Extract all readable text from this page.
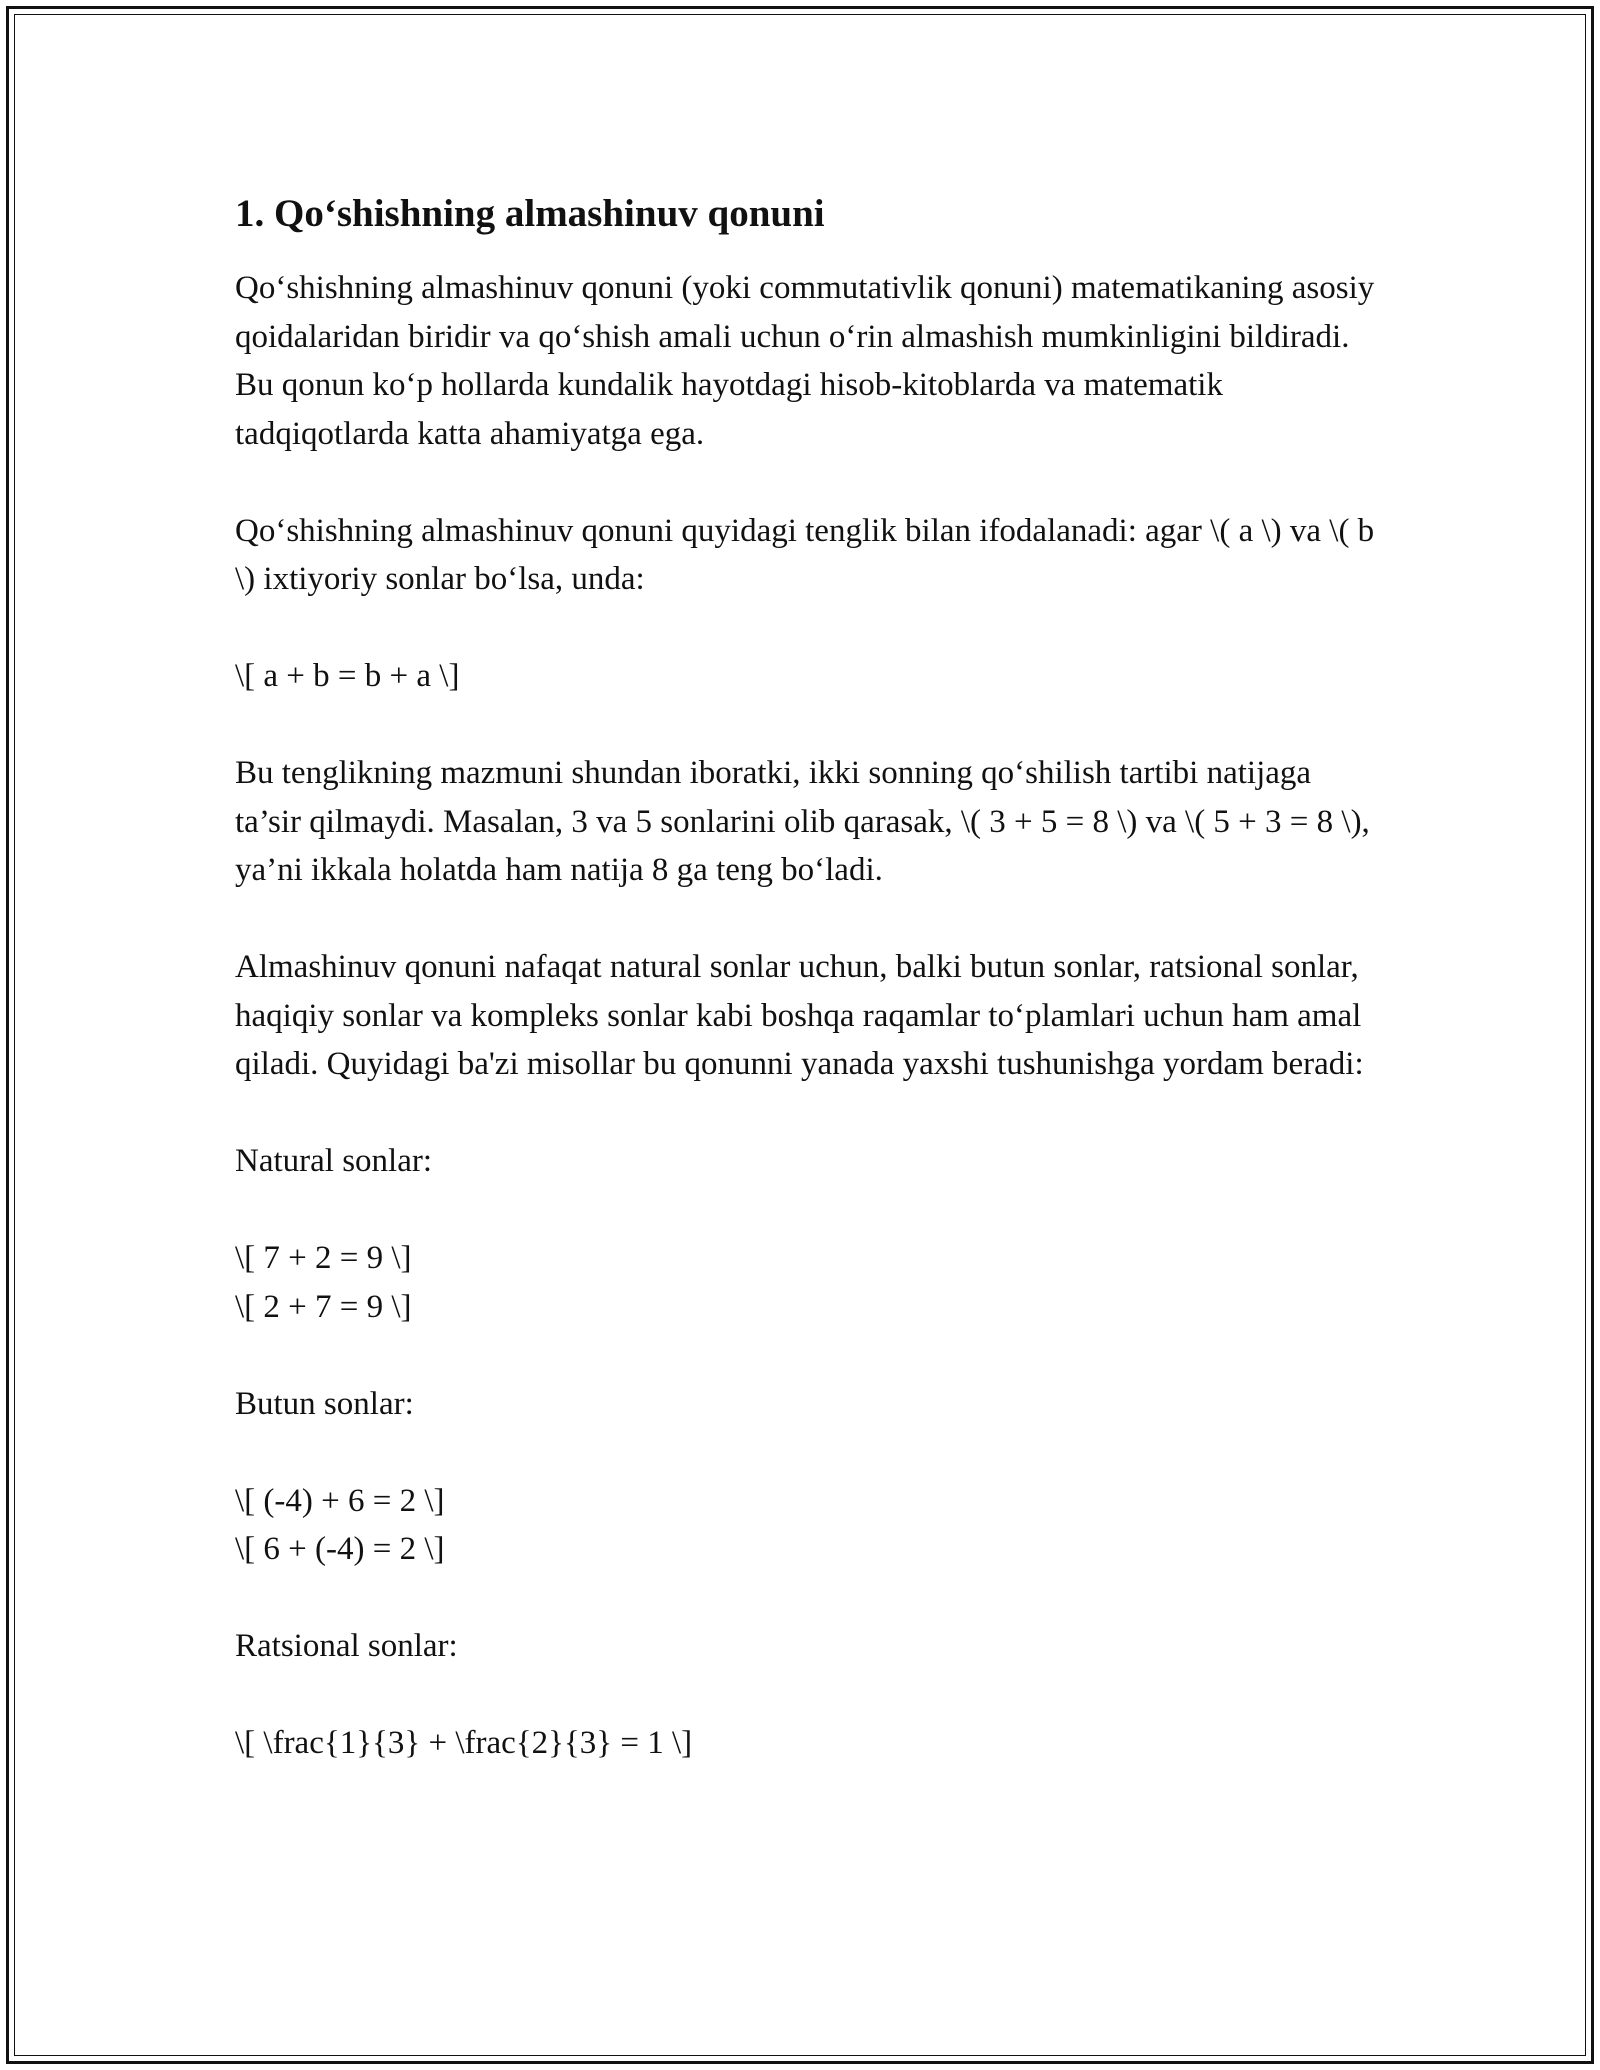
1. Qo‘shishning almashinuv qonuni

Qo‘shishning almashinuv qonuni (yoki commutativlik qonuni) matematikaning asosiy qoidalaridan biridir va qo‘shish amali uchun o‘rin almashish mumkinligini bildiradi. Bu qonun ko‘p hollarda kundalik hayotdagi hisob-kitoblarda va matematik tadqiqotlarda katta ahamiyatga ega.

Qo‘shishning almashinuv qonuni quyidagi tenglik bilan ifodalanadi: agar \( a \) va \( b \) ixtiyoriy sonlar bo‘lsa, unda:

\[ a + b = b + a \]

Bu tenglikning mazmuni shundan iboratki, ikki sonning qo‘shilish tartibi natijaga ta’sir qilmaydi. Masalan, 3 va 5 sonlarini olib qarasak, \( 3 + 5 = 8 \) va \( 5 + 3 = 8 \), ya’ni ikkala holatda ham natija 8 ga teng bo‘ladi.

Almashinuv qonuni nafaqat natural sonlar uchun, balki butun sonlar, ratsional sonlar, haqiqiy sonlar va kompleks sonlar kabi boshqa raqamlar to‘plamlari uchun ham amal qiladi. Quyidagi ba'zi misollar bu qonunni yanada yaxshi tushunishga yordam beradi:

Natural sonlar:

\[ 7 + 2 = 9 \]

\[ 2 + 7 = 9 \]

Butun sonlar:

\[ (-4) + 6 = 2 \]

\[ 6 + (-4) = 2 \]

Ratsional sonlar:

\[ \frac{1}{3} + \frac{2}{3} = 1 \]
